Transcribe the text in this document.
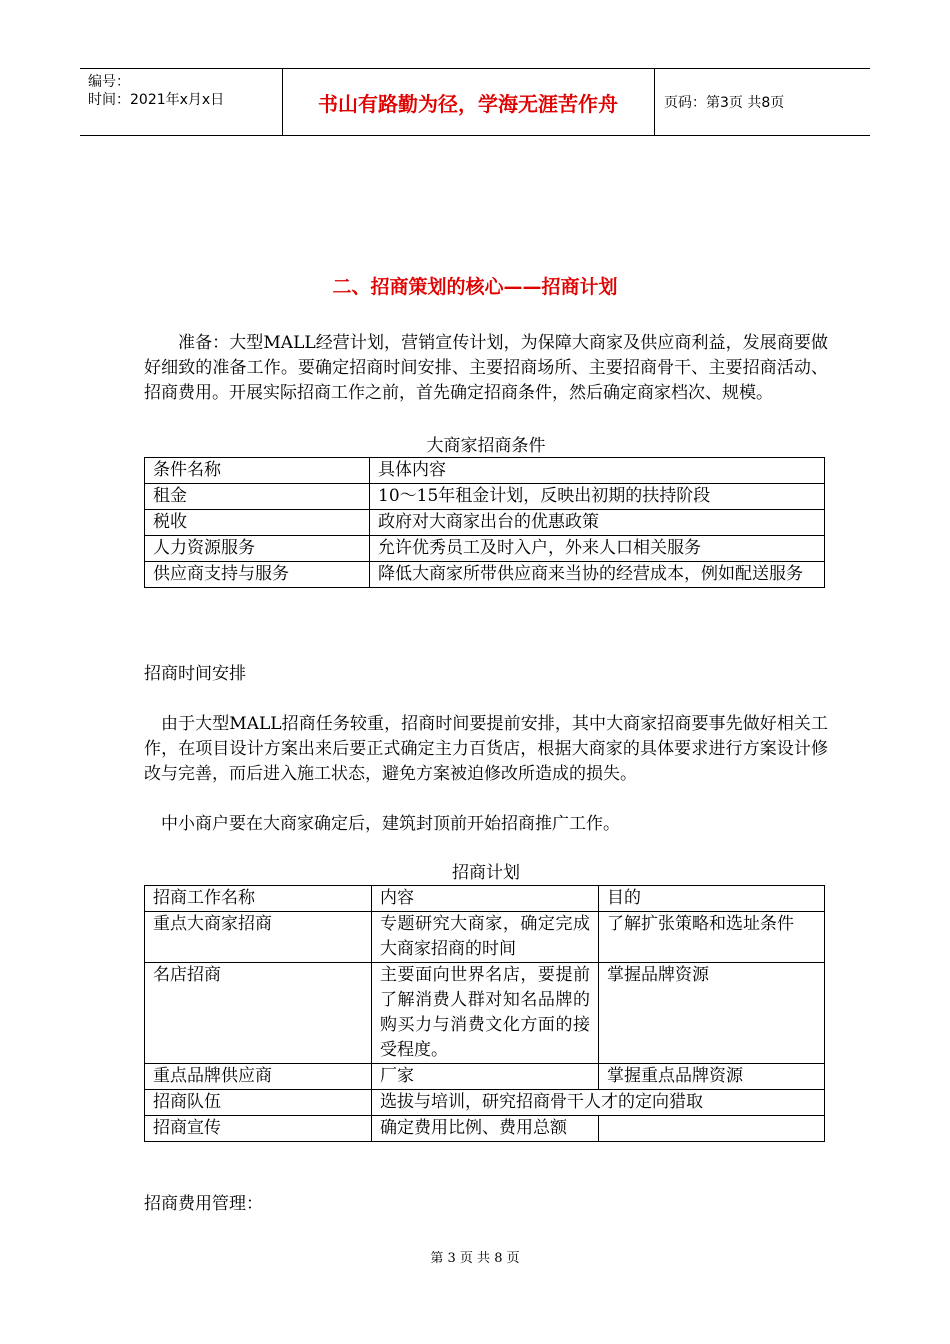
编号：
时间：2021年x月x日	书山有路勤为径，学海无涯苦作舟	页码：第3页 共8页
二、招商策划的核心——招商计划
准备：大型MALL经营计划，营销宣传计划，为保障大商家及供应商利益，发展商要做好细致的准备工作。要确定招商时间安排、主要招商场所、主要招商骨干、主要招商活动、招商费用。开展实际招商工作之前，首先确定招商条件，然后确定商家档次、规模。
大商家招商条件
条件名称	具体内容
租金	10～15年租金计划，反映出初期的扶持阶段
税收	政府对大商家出台的优惠政策
人力资源服务	允许优秀员工及时入户，外来人口相关服务
供应商支持与服务	降低大商家所带供应商来当协的经营成本，例如配送服务
招商时间安排
由于大型MALL招商任务较重，招商时间要提前安排，其中大商家招商要事先做好相关工作，在项目设计方案出来后要正式确定主力百货店，根据大商家的具体要求进行方案设计修改与完善，而后进入施工状态，避免方案被迫修改所造成的损失。
中小商户要在大商家确定后，建筑封顶前开始招商推广工作。
招商计划
招商工作名称	内容	目的
重点大商家招商	专题研究大商家，确定完成大商家招商的时间	了解扩张策略和选址条件
名店招商	主要面向世界名店，要提前了解消费人群对知名品牌的购买力与消费文化方面的接受程度。	掌握品牌资源
重点品牌供应商	厂家	掌握重点品牌资源
招商队伍	选拔与培训，研究招商骨干人才的定向猎取	
招商宣传	确定费用比例、费用总额	
招商费用管理：
第 3 页 共 8 页
